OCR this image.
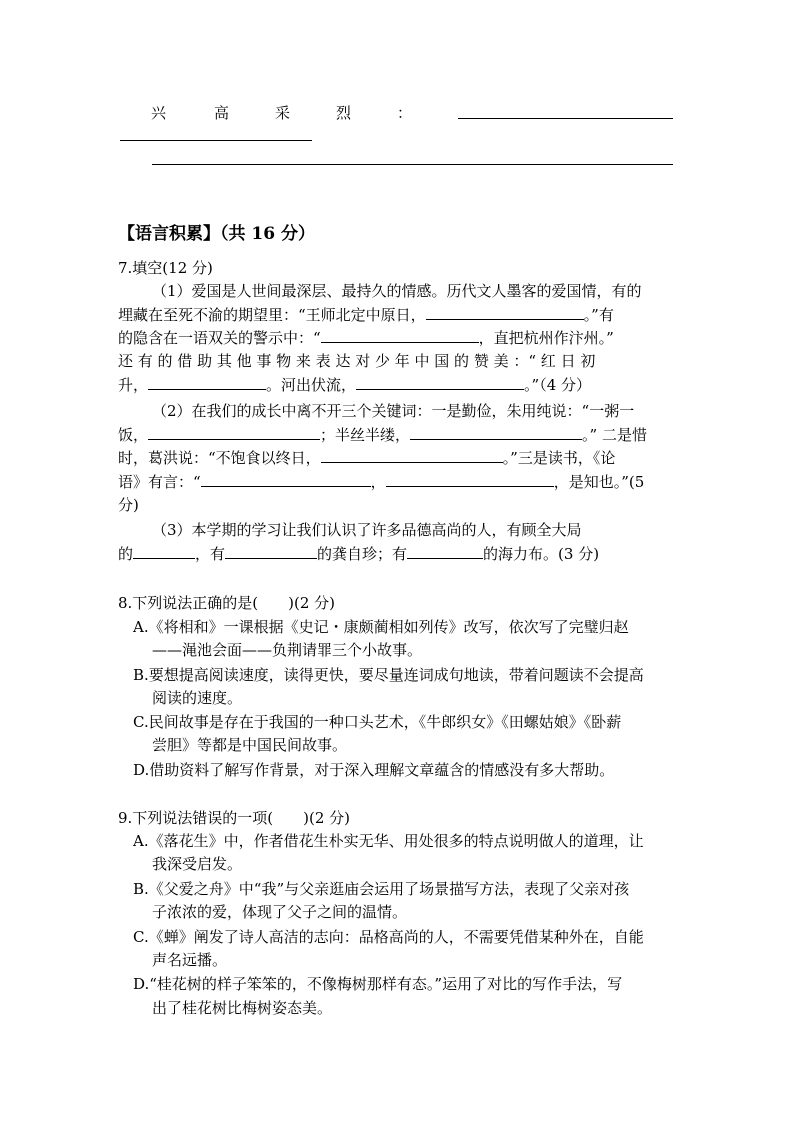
兴	高	采	烈	：
【语言积累】（共 16 分）
7.填空(12 分)
（1）爱国是人世间最深层、最持久的情感。历代文人墨客的爱国情，有的
埋藏在至死不渝的期望里：“王师北定中原日，	。”有
的隐含在一语双关的警示中：“	，直把杭州作汴州。”
还 有 的 借 助 其 他 事 物 来 表 达 对 少 年 中 国 的 赞 美 ：“ 红 日 初
升，	。河出伏流，	。”（4 分）
（2）在我们的成长中离不开三个关键词：一是勤俭，朱用纯说：“一粥一
饭，	；半丝半缕，	。” 二是惜
时，葛洪说：“不饱食以终日，	。”三是读书，《论
语》有言：“	，	，是知也。”(5
分)
（3）本学期的学习让我们认识了许多品德高尚的人，有顾全大局
的	，有	的龚自珍；有	的海力布。(3 分)
8.下列说法正确的是(　　)(2 分)
A.《将相和》一课根据《史记・康颇蔺相如列传》改写，依次写了完璧归赵
——渑池会面——负荆请罪三个小故事。
B.要想提高阅读速度，读得更快，要尽量连词成句地读，带着问题读不会提高
阅读的速度。
C.民间故事是存在于我国的一种口头艺术，《牛郎织女》《田螺姑娘》《卧薪
尝胆》等都是中国民间故事。
D.借助资料了解写作背景，对于深入理解文章蕴含的情感没有多大帮助。
9.下列说法错误的一项(　　)(2 分)
A.《落花生》中，作者借花生朴实无华、用处很多的特点说明做人的道理，让
我深受启发。
B.《父爱之舟》中“我”与父亲逛庙会运用了场景描写方法，表现了父亲对孩
子浓浓的爱，体现了父子之间的温情。
C.《蝉》阐发了诗人高洁的志向：品格高尚的人，不需要凭借某种外在，自能
声名远播。
D.“桂花树的样子笨笨的，不像梅树那样有态。”运用了对比的写作手法，写
出了桂花树比梅树姿态美。
